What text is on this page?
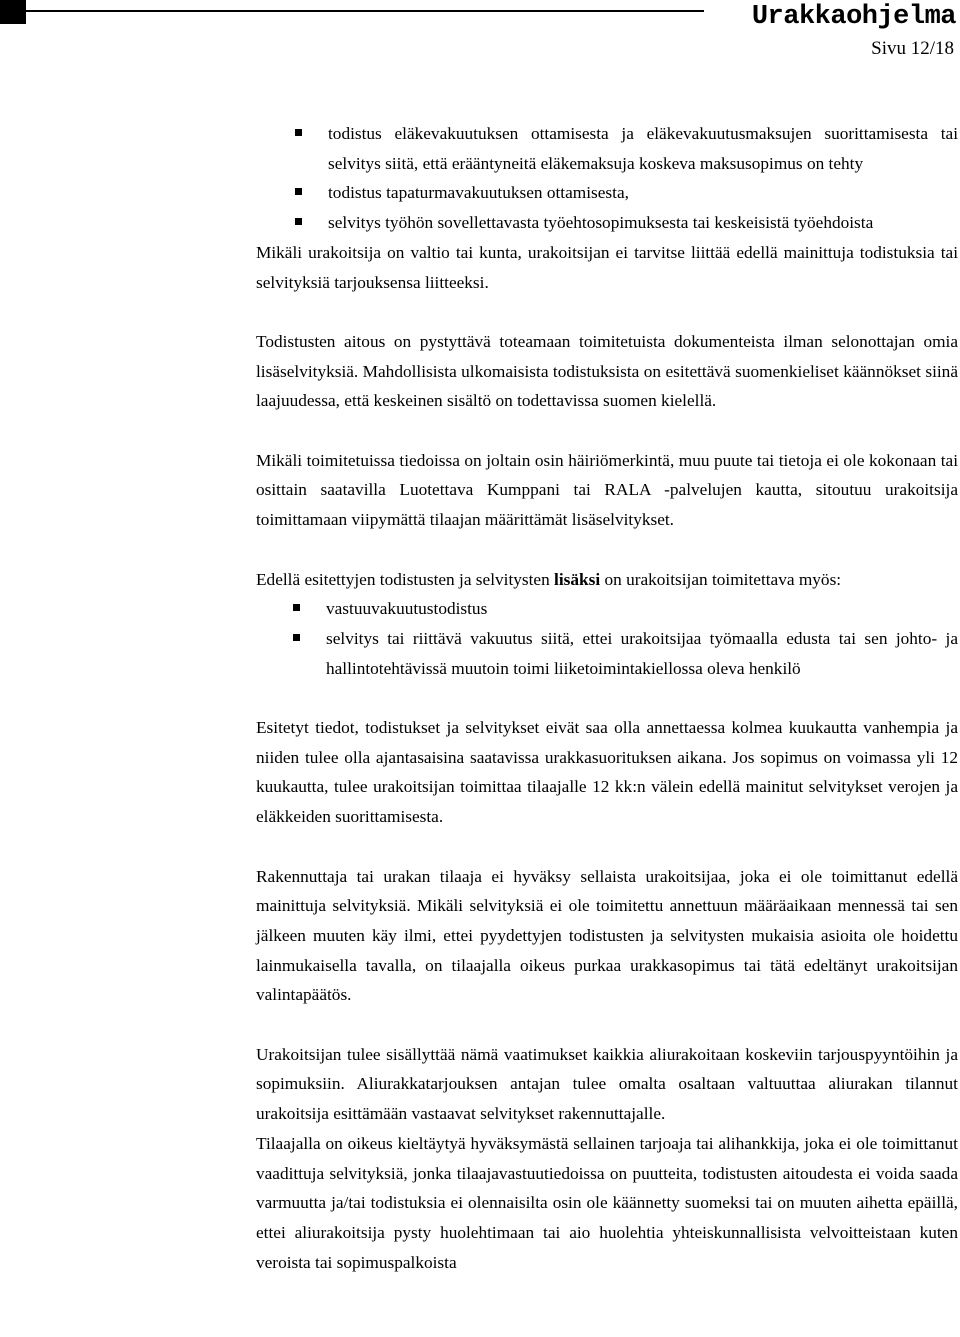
Urakkaohjelma
Sivu 12/18
todistus eläkevakuutuksen ottamisesta ja eläkevakuutusmaksujen suorittamisesta tai selvitys siitä, että erääntyneitä eläkemaksuja koskeva maksusopimus on tehty
todistus tapaturmavakuutuksen ottamisesta,
selvitys työhön sovellettavasta työehtosopimuksesta tai keskeisistä työehdoista

Mikäli urakoitsija on valtio tai kunta, urakoitsijan ei tarvitse liittää edellä mainittuja todistuksia tai selvityksiä tarjouksensa liitteeksi.

Todistusten aitous on pystyttävä toteamaan toimitetuista dokumenteista ilman selonottajan omia lisäselvityksiä. Mahdollisista ulkomaisista todistuksista on esitettävä suomenkieliset käännökset siinä laajuudessa, että keskeinen sisältö on todettavissa suomen kielellä.

Mikäli toimitetuissa tiedoissa on joltain osin häiriömerkintä, muu puute tai tietoja ei ole kokonaan tai osittain saatavilla Luotettava Kumppani tai RALA -palvelujen kautta, sitoutuu urakoitsija toimittamaan viipymättä tilaajan määrittämät lisäselvitykset.

Edellä esitettyjen todistusten ja selvitysten lisäksi on urakoitsijan toimitettava myös:

vastuuvakuutustodistus
selvitys tai riittävä vakuutus siitä, ettei urakoitsijaa työmaalla edusta tai sen johto- ja hallintotehtävissä muutoin toimi liiketoimintakiellossa oleva henkilö

Esitetyt tiedot, todistukset ja selvitykset eivät saa olla annettaessa kolmea kuukautta vanhempia ja niiden tulee olla ajantasaisina saatavissa urakkasuorituksen aikana. Jos sopimus on voimassa yli 12 kuukautta, tulee urakoitsijan toimittaa tilaajalle 12 kk:n välein edellä mainitut selvitykset verojen ja eläkkeiden suorittamisesta.

Rakennuttaja tai urakan tilaaja ei hyväksy sellaista urakoitsijaa, joka ei ole toimittanut edellä mainittuja selvityksiä. Mikäli selvityksiä ei ole toimitettu annettuun määräaikaan mennessä tai sen jälkeen muuten käy ilmi, ettei pyydettyjen todistusten ja selvitysten mukaisia asioita ole hoidettu lainmukaisella tavalla, on tilaajalla oikeus purkaa urakkasopimus tai tätä edeltänyt urakoitsijan valintapäätös.

Urakoitsijan tulee sisällyttää nämä vaatimukset kaikkia aliurakoitaan koskeviin tarjouspyyntöihin ja sopimuksiin. Aliurakkatarjouksen antajan tulee omalta osaltaan valtuuttaa aliurakan tilannut urakoitsija esittämään vastaavat selvitykset rakennuttajalle.

Tilaajalla on oikeus kieltäytyä hyväksymästä sellainen tarjoaja tai alihankkija, joka ei ole toimittanut vaadittuja selvityksiä, jonka tilaajavastuutiedoissa on puutteita, todistusten aitoudesta ei voida saada varmuutta ja/tai todistuksia ei olennaisilta osin ole käännetty suomeksi tai on muuten aihetta epäillä, ettei aliurakoitsija pysty huolehtimaan tai aio huolehtia yhteiskunnallisista velvoitteistaan kuten veroista tai sopimuspalkoista
